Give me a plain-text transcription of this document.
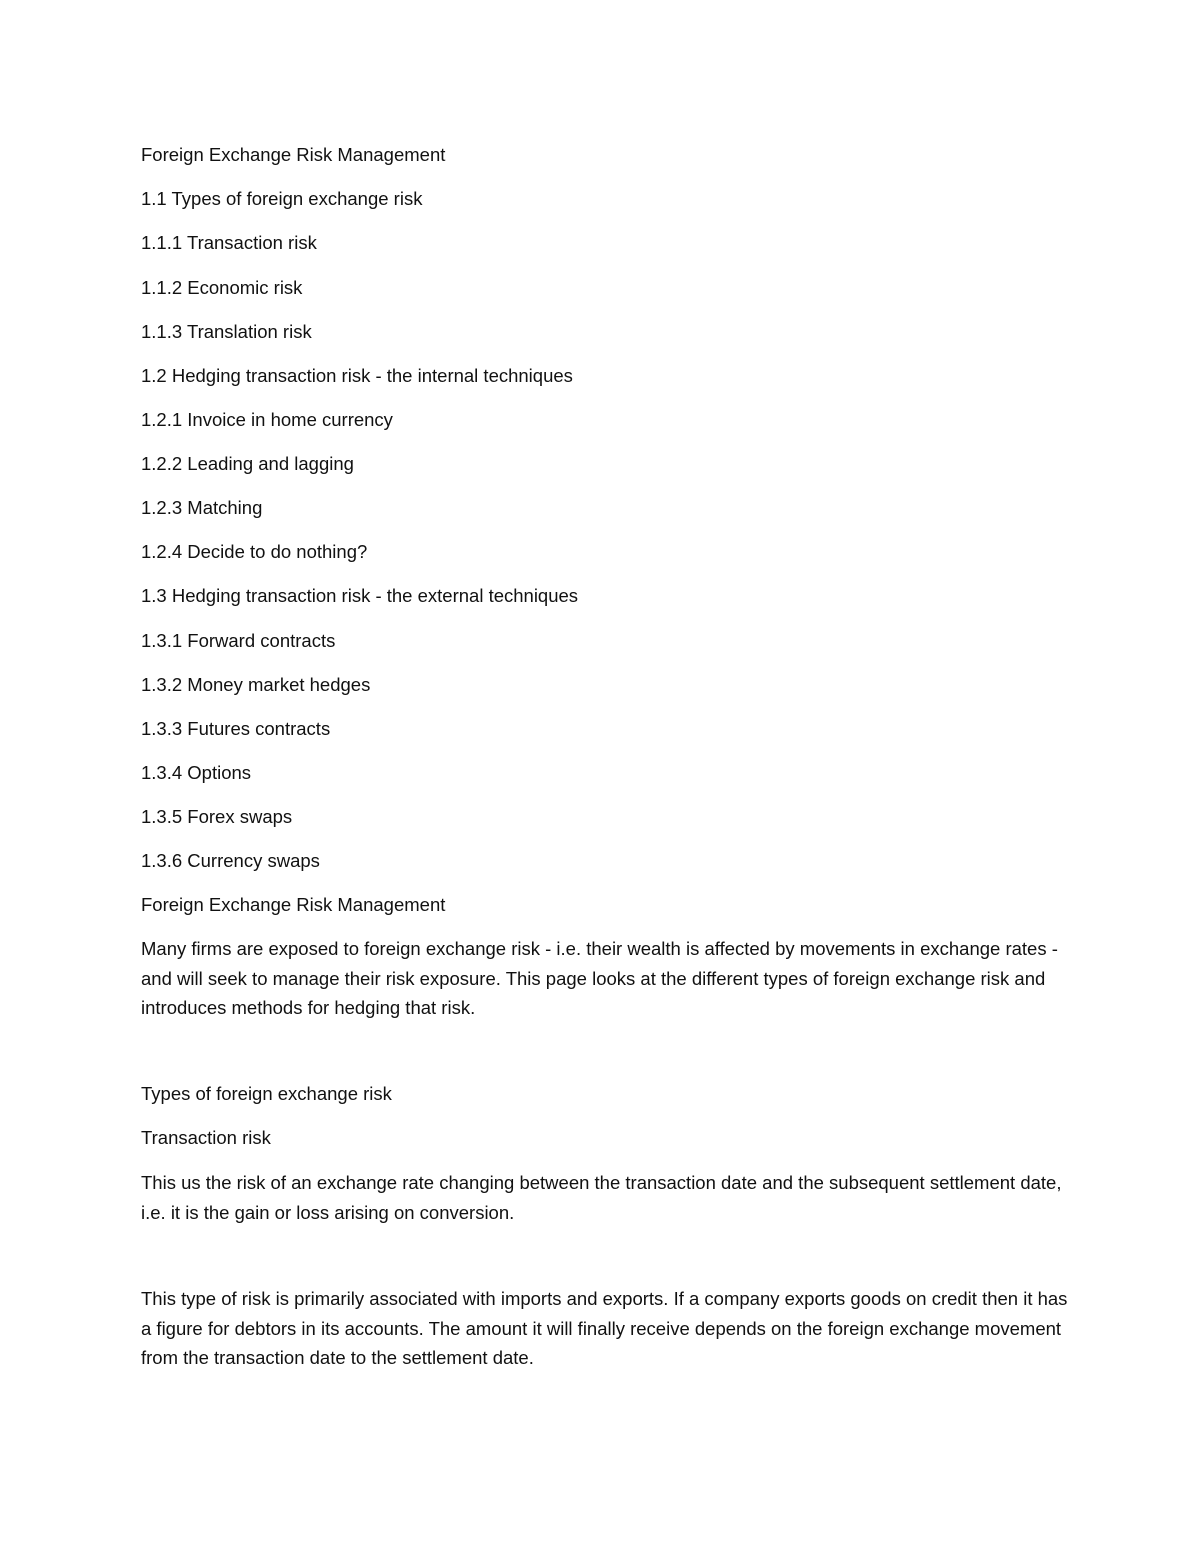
Foreign Exchange Risk Management
1.1 Types of foreign exchange risk
1.1.1 Transaction risk
1.1.2 Economic risk
1.1.3 Translation risk
1.2 Hedging transaction risk - the internal techniques
1.2.1 Invoice in home currency
1.2.2 Leading and lagging
1.2.3 Matching
1.2.4 Decide to do nothing?
1.3 Hedging transaction risk - the external techniques
1.3.1 Forward contracts
1.3.2 Money market hedges
1.3.3 Futures contracts
1.3.4 Options
1.3.5 Forex swaps
1.3.6 Currency swaps
Foreign Exchange Risk Management
Many firms are exposed to foreign exchange risk - i.e. their wealth is affected by movements in exchange rates - and will seek to manage their risk exposure. This page looks at the different types of foreign exchange risk and introduces methods for hedging that risk.
Types of foreign exchange risk
Transaction risk
This us the risk of an exchange rate changing between the transaction date and the subsequent settlement date, i.e. it is the gain or loss arising on conversion.
This type of risk is primarily associated with imports and exports. If a company exports goods on credit then it has a figure for debtors in its accounts. The amount it will finally receive depends on the foreign exchange movement from the transaction date to the settlement date.
